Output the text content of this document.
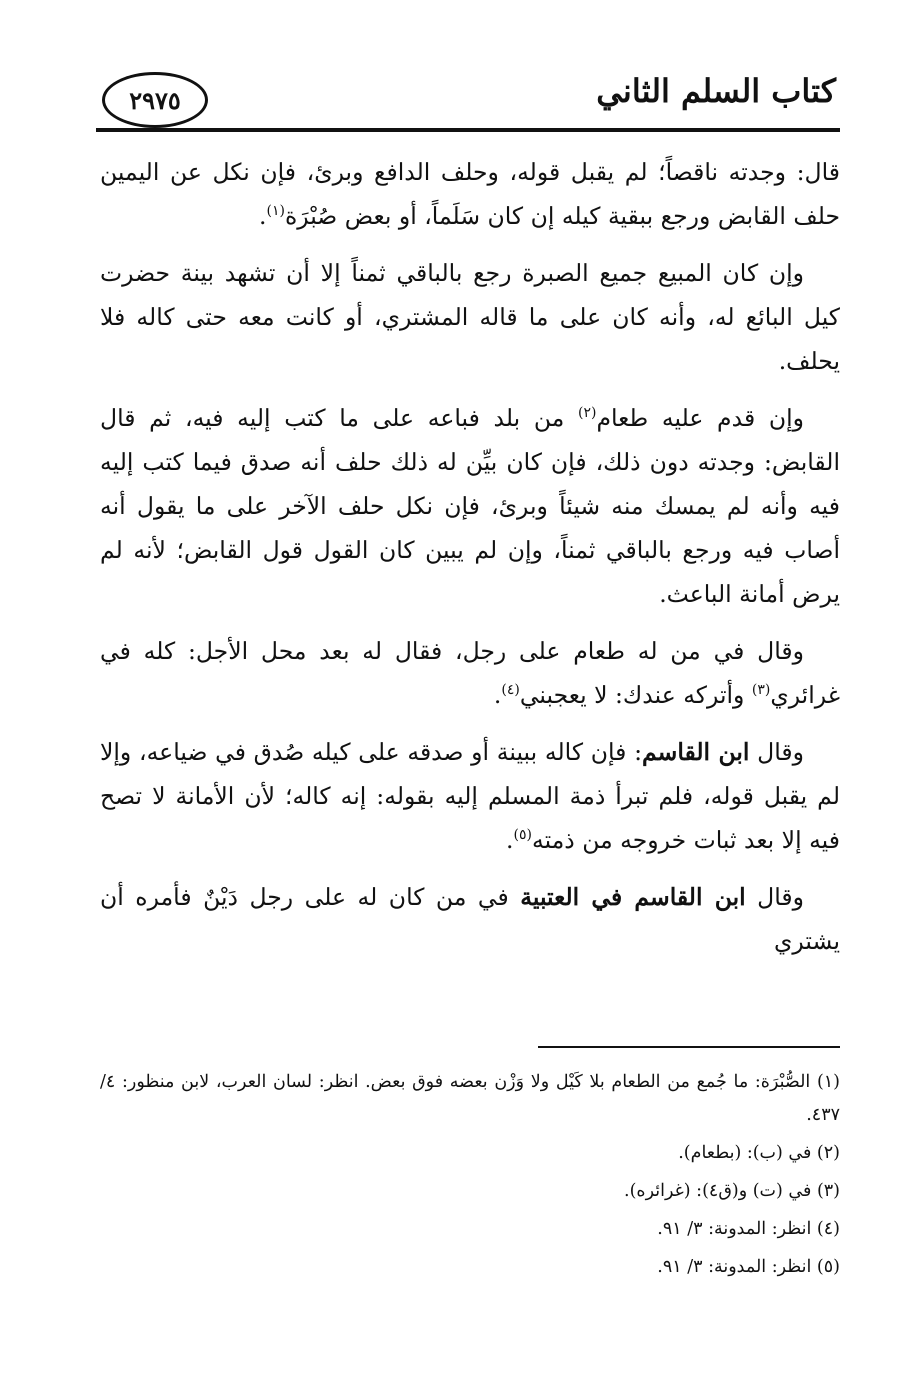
٢٩٧٥	كتاب السلم الثاني

قال: وجدته ناقصاً؛ لم يقبل قوله، وحلف الدافع وبرئ، فإن نكل عن اليمين حلف القابض ورجع ببقية كيله إن كان سَلَماً، أو بعض صُبْرَة$^{(١)}$.

وإن كان المبيع جميع الصبرة رجع بالباقي ثمناً إلا أن تشهد بينة حضرت كيل البائع له، وأنه كان على ما قاله المشتري، أو كانت معه حتى كاله فلا يحلف.

وإن قدم عليه طعام$^{(٢)}$ من بلد فباعه على ما كتب إليه فيه، ثم قال القابض: وجدته دون ذلك، فإن كان بيِّن له ذلك حلف أنه صدق فيما كتب إليه فيه وأنه لم يمسك منه شيئاً وبرئ، فإن نكل حلف الآخر على ما يقول أنه أصاب فيه ورجع بالباقي ثمناً، وإن لم يبين كان القول قول القابض؛ لأنه لم يرض أمانة الباعث.

وقال في من له طعام على رجل، فقال له بعد محل الأجل: كله في غرائري$^{(٣)}$ وأتركه عندك: لا يعجبني$^{(٤)}$.

وقال ابن القاسم: فإن كاله ببينة أو صدقه على كيله صُدق في ضياعه، وإلا لم يقبل قوله، فلم تبرأ ذمة المسلم إليه بقوله: إنه كاله؛ لأن الأمانة لا تصح فيه إلا بعد ثبات خروجه من ذمته$^{(٥)}$.

وقال ابن القاسم في العتبية في من كان له على رجل دَيْنٌ فأمره أن يشتري

(١) الصُّبْرَة: ما جُمع من الطعام بلا كَيْل ولا وَزْن بعضه فوق بعض. انظر: لسان العرب، لابن منظور: ٤/ ٤٣٧.

(٢) في (ب): (بطعام).

(٣) في (ت) و(ق٤): (غرائره).

(٤) انظر: المدونة: ٣/ ٩١.

(٥) انظر: المدونة: ٣/ ٩١.
